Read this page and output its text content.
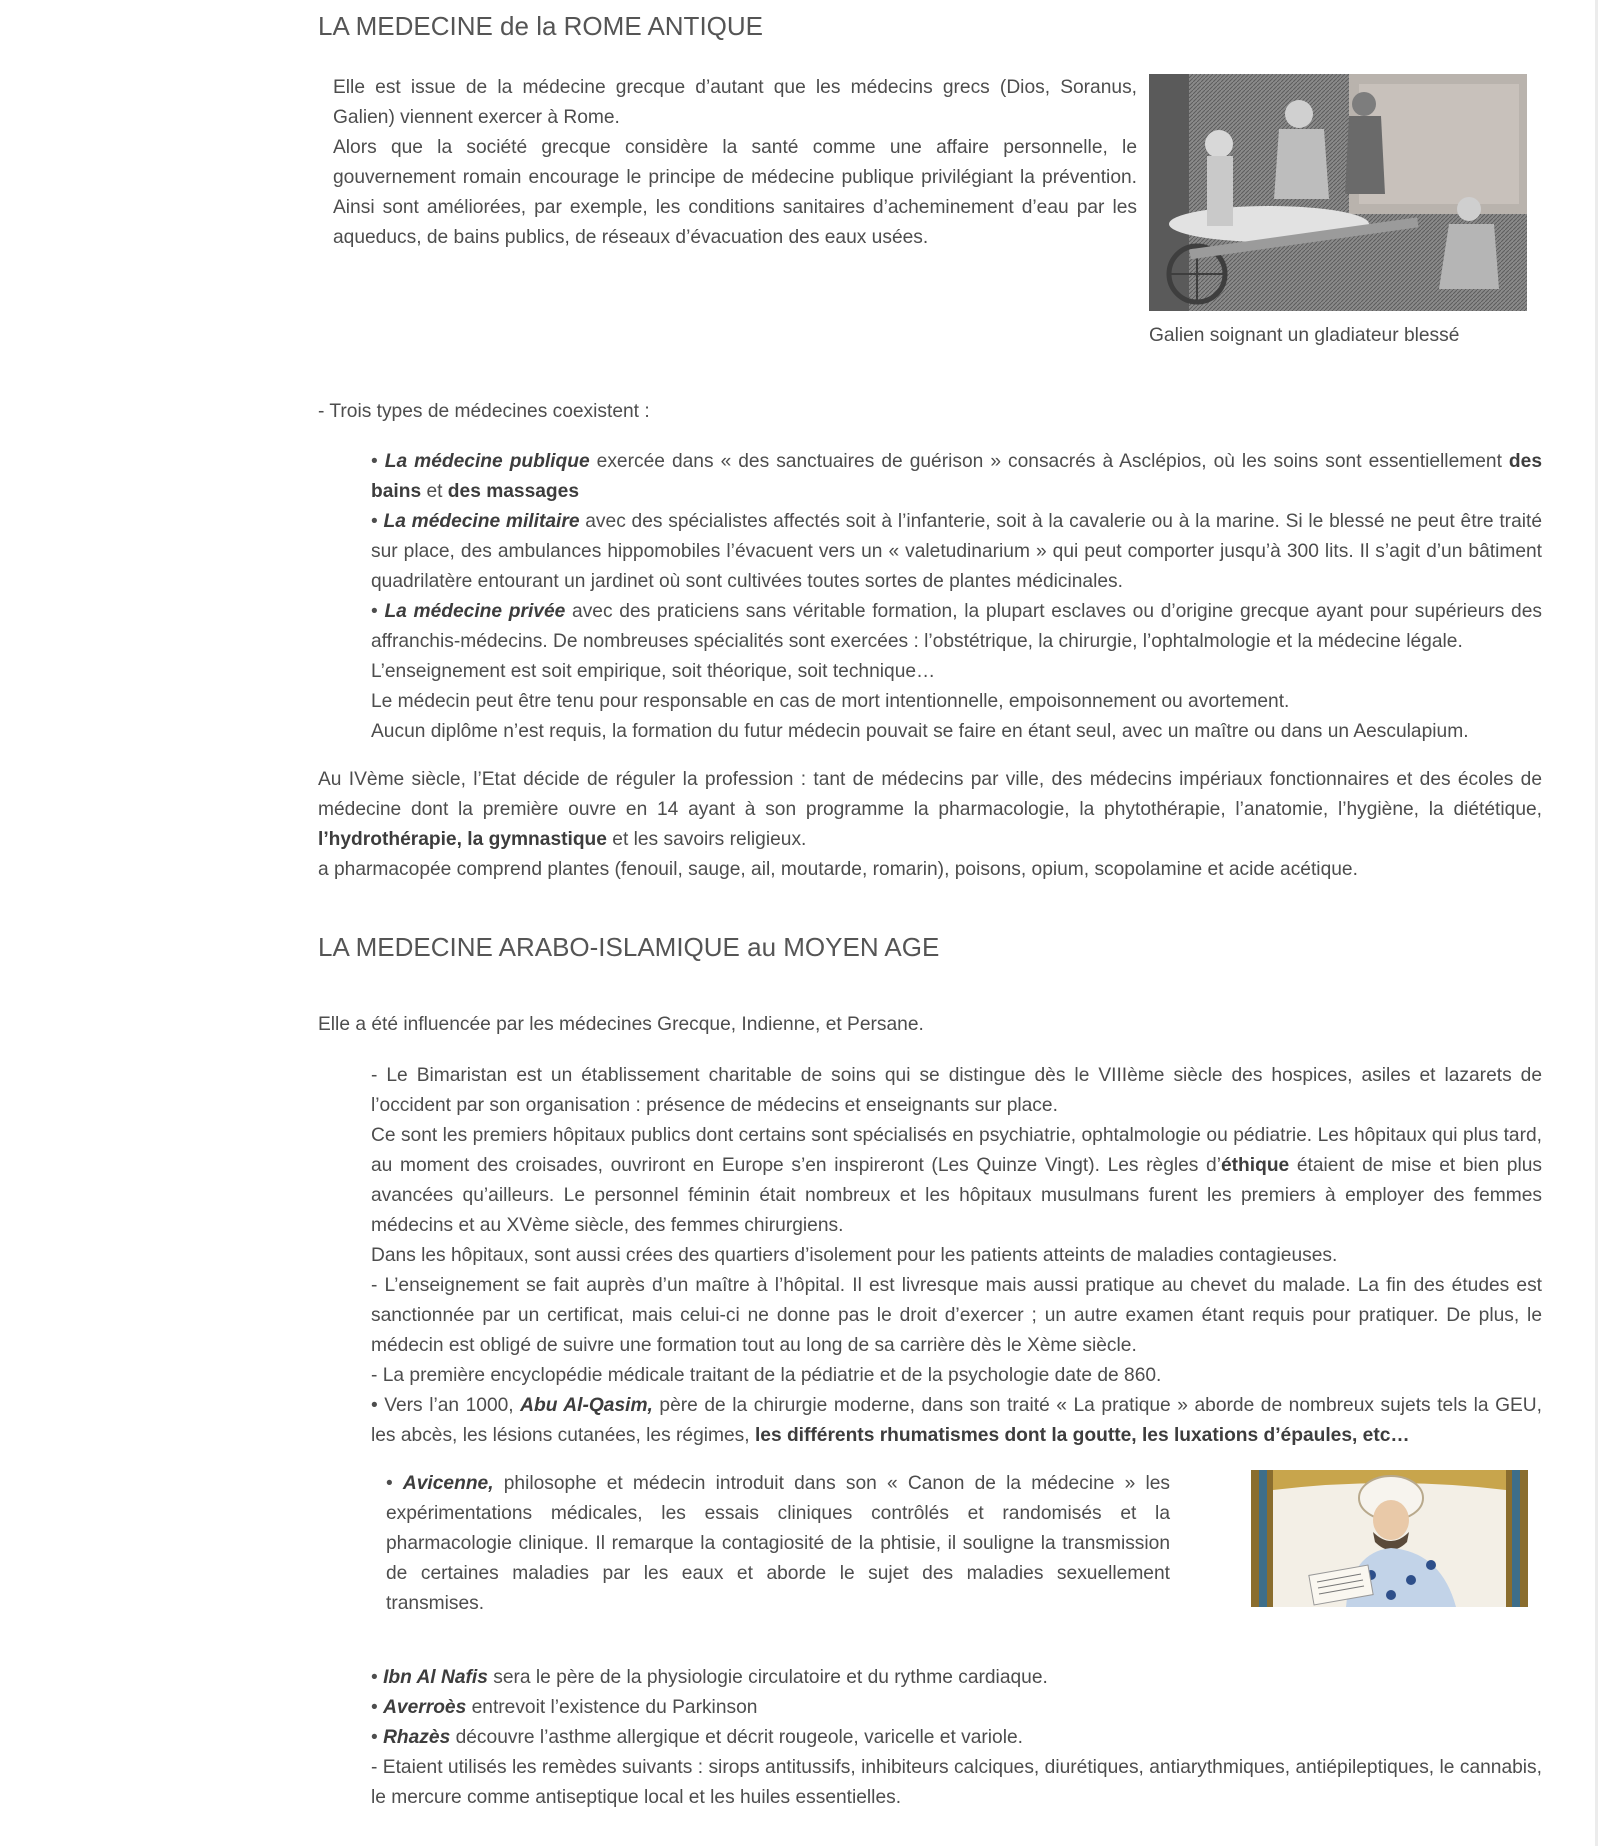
LA MEDECINE de la ROME ANTIQUE

Elle est issue de la médecine grecque d’autant que les médecins grecs (Dios, Soranus, Galien) viennent exercer à Rome.

Alors que la société grecque considère la santé comme une affaire personnelle, le gouvernement romain encourage le principe de médecine publique privilégiant la prévention. Ainsi sont améliorées, par exemple, les conditions sanitaires d’acheminement d’eau par les aqueducs, de bains publics, de réseaux d’évacuation des eaux usées.

Galien soignant un gladiateur blessé

- Trois types de médecines coexistent :

• La médecine publique exercée dans « des sanctuaires de guérison » consacrés à Asclépios, où les soins sont essentiellement des bains et des massages

• La médecine militaire avec des spécialistes affectés soit à l’infanterie, soit à la cavalerie ou à la marine. Si le blessé ne peut être traité sur place, des ambulances hippomobiles l’évacuent vers un « valetudinarium » qui peut comporter jusqu’à 300 lits. Il s’agit d’un bâtiment quadrilatère entourant un jardinet où sont cultivées toutes sortes de plantes médicinales.

• La médecine privée avec des praticiens sans véritable formation, la plupart esclaves ou d’origine grecque ayant pour supérieurs des affranchis-médecins. De nombreuses spécialités sont exercées : l’obstétrique, la chirurgie, l’ophtalmologie et la médecine légale.

L’enseignement est soit empirique, soit théorique, soit technique…

Le médecin peut être tenu pour responsable en cas de mort intentionnelle, empoisonnement ou avortement.

Aucun diplôme n’est requis, la formation du futur médecin pouvait se faire en étant seul, avec un maître ou dans un Aesculapium.

Au IVème siècle, l’Etat décide de réguler la profession : tant de médecins par ville, des médecins impériaux fonctionnaires et des écoles de médecine dont la première ouvre en 14 ayant à son programme la pharmacologie, la phytothérapie, l’anatomie, l’hygiène, la diététique, l’hydrothérapie, la gymnastique et les savoirs religieux.

a pharmacopée comprend plantes (fenouil, sauge, ail, moutarde, romarin), poisons, opium, scopolamine et acide acétique.

LA MEDECINE ARABO-ISLAMIQUE au MOYEN AGE

Elle a été influencée par les médecines Grecque, Indienne, et Persane.

- Le Bimaristan est un établissement charitable de soins qui se distingue dès le VIIIème siècle des hospices, asiles et lazarets de l’occident par son organisation : présence de médecins et enseignants sur place.

Ce sont les premiers hôpitaux publics dont certains sont spécialisés en psychiatrie, ophtalmologie ou pédiatrie. Les hôpitaux qui plus tard, au moment des croisades, ouvriront en Europe s’en inspireront (Les Quinze Vingt). Les règles d’éthique étaient de mise et bien plus avancées qu’ailleurs. Le personnel féminin était nombreux et les hôpitaux musulmans furent les premiers à employer des femmes médecins et au XVème siècle, des femmes chirurgiens.

Dans les hôpitaux, sont aussi crées des quartiers d’isolement pour les patients atteints de maladies contagieuses.

- L’enseignement se fait auprès d’un maître à l’hôpital. Il est livresque mais aussi pratique au chevet du malade. La fin des études est sanctionnée par un certificat, mais celui-ci ne donne pas le droit d’exercer ; un autre examen étant requis pour pratiquer. De plus, le médecin est obligé de suivre une formation tout au long de sa carrière dès le Xème siècle.

- La première encyclopédie médicale traitant de la pédiatrie et de la psychologie date de 860.

• Vers l’an 1000, Abu Al-Qasim, père de la chirurgie moderne, dans son traité « La pratique » aborde de nombreux sujets tels la GEU, les abcès, les lésions cutanées, les régimes, les différents rhumatismes dont la goutte, les luxations d’épaules, etc…

• Avicenne, philosophe et médecin introduit dans son « Canon de la médecine » les expérimentations médicales, les essais cliniques contrôlés et randomisés et la pharmacologie clinique. Il remarque la contagiosité de la phtisie, il souligne la transmission de certaines maladies par les eaux et aborde le sujet des maladies sexuellement transmises.

• Ibn Al Nafis sera le père de la physiologie circulatoire et du rythme cardiaque.

• Averroès entrevoit l’existence du Parkinson

• Rhazès découvre l’asthme allergique et décrit rougeole, varicelle et variole.

- Etaient utilisés les remèdes suivants : sirops antitussifs, inhibiteurs calciques, diurétiques, antiarythmiques, antiépileptiques, le cannabis, le mercure comme antiseptique local et les huiles essentielles.
